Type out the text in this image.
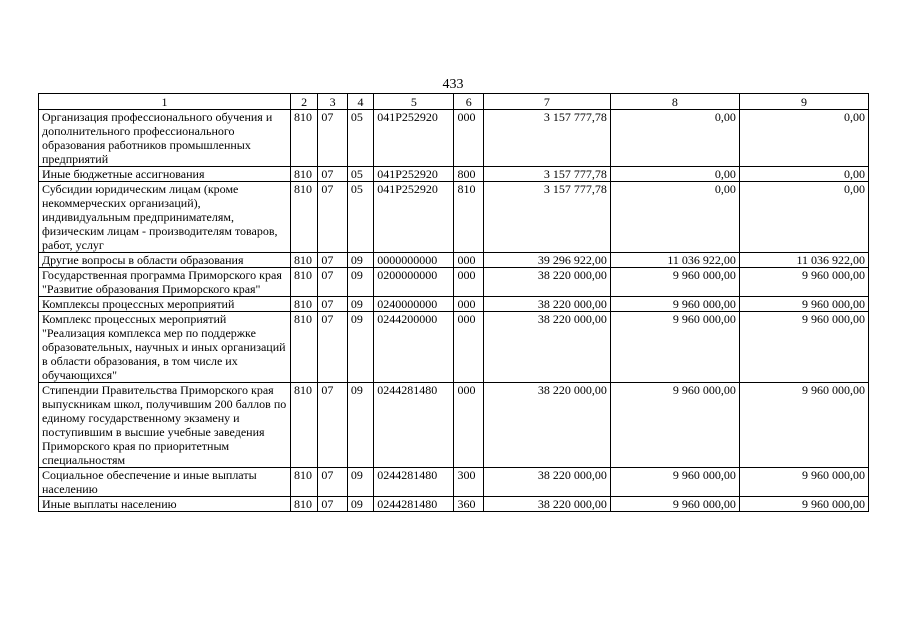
433
1	2	3	4	5	6	7	8	9
Организация профессионального обучения и дополнительного профессионального образования работников промышленных предприятий	810	07	05	041P252920	000	3 157 777,78	0,00	0,00
Иные бюджетные ассигнования	810	07	05	041P252920	800	3 157 777,78	0,00	0,00
Субсидии юридическим лицам (кроме некоммерческих организаций), индивидуальным предпринимателям, физическим лицам - производителям товаров, работ, услуг	810	07	05	041P252920	810	3 157 777,78	0,00	0,00
Другие вопросы в области образования	810	07	09	0000000000	000	39 296 922,00	11 036 922,00	11 036 922,00
Государственная программа Приморского края "Развитие образования Приморского края"	810	07	09	0200000000	000	38 220 000,00	9 960 000,00	9 960 000,00
Комплексы процессных мероприятий	810	07	09	0240000000	000	38 220 000,00	9 960 000,00	9 960 000,00
Комплекс процессных мероприятий "Реализация комплекса мер по поддержке образовательных, научных и иных организаций в области образования, в том числе их обучающихся"	810	07	09	0244200000	000	38 220 000,00	9 960 000,00	9 960 000,00
Стипендии Правительства Приморского края выпускникам школ, получившим 200 баллов по единому государственному экзамену и поступившим в высшие учебные заведения Приморского края по приоритетным специальностям	810	07	09	0244281480	000	38 220 000,00	9 960 000,00	9 960 000,00
Социальное обеспечение и иные выплаты населению	810	07	09	0244281480	300	38 220 000,00	9 960 000,00	9 960 000,00
Иные выплаты населению	810	07	09	0244281480	360	38 220 000,00	9 960 000,00	9 960 000,00
